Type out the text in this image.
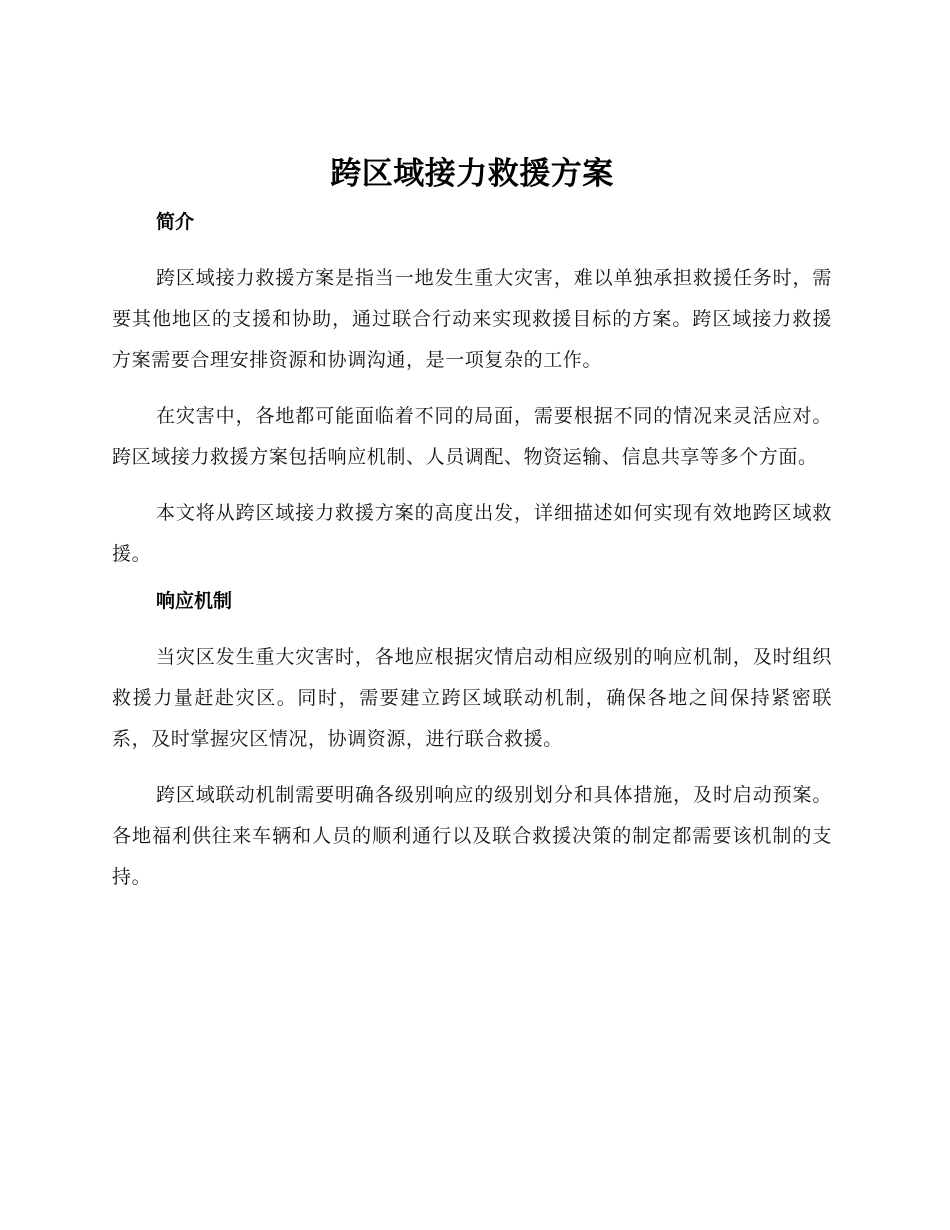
跨区域接力救援方案
简介

跨区域接力救援方案是指当一地发生重大灾害，难以单独承担救援任务时，需要其他地区的支援和协助，通过联合行动来实现救援目标的方案。跨区域接力救援方案需要合理安排资源和协调沟通，是一项复杂的工作。

在灾害中，各地都可能面临着不同的局面，需要根据不同的情况来灵活应对。跨区域接力救援方案包括响应机制、人员调配、物资运输、信息共享等多个方面。

本文将从跨区域接力救援方案的高度出发，详细描述如何实现有效地跨区域救援。

响应机制

当灾区发生重大灾害时，各地应根据灾情启动相应级别的响应机制，及时组织救援力量赶赴灾区。同时，需要建立跨区域联动机制，确保各地之间保持紧密联系，及时掌握灾区情况，协调资源，进行联合救援。

跨区域联动机制需要明确各级别响应的级别划分和具体措施，及时启动预案。各地福利供往来车辆和人员的顺利通行以及联合救援决策的制定都需要该机制的支持。
